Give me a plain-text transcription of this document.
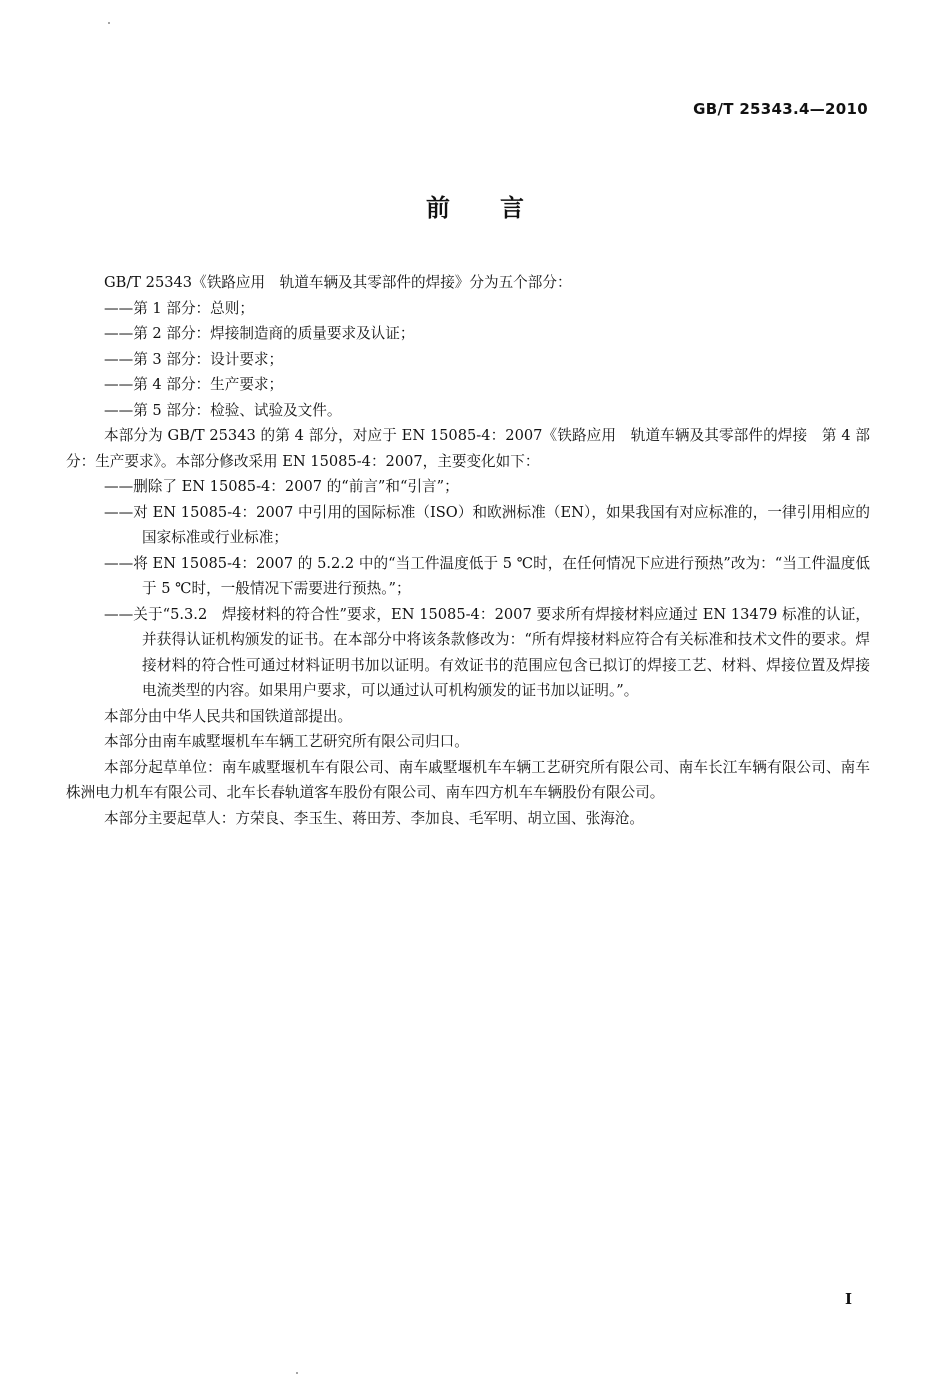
GB/T 25343.4—2010
前言

GB/T 25343《铁路应用　轨道车辆及其零部件的焊接》分为五个部分：

——第 1 部分：总则；

——第 2 部分：焊接制造商的质量要求及认证；

——第 3 部分：设计要求；

——第 4 部分：生产要求；

——第 5 部分：检验、试验及文件。

本部分为 GB/T 25343 的第 4 部分，对应于 EN 15085-4：2007《铁路应用　轨道车辆及其零部件的焊接　第 4 部分：生产要求》。本部分修改采用 EN 15085-4：2007，主要变化如下：

——删除了 EN 15085-4：2007 的“前言”和“引言”；

——对 EN 15085-4：2007 中引用的国际标准（ISO）和欧洲标准（EN），如果我国有对应标准的，一律引用相应的国家标准或行业标准；

——将 EN 15085-4：2007 的 5.2.2 中的“当工件温度低于 5 ℃时，在任何情况下应进行预热”改为：“当工件温度低于 5 ℃时，一般情况下需要进行预热。”；

——关于“5.3.2　焊接材料的符合性”要求，EN 15085-4：2007 要求所有焊接材料应通过 EN 13479 标准的认证，并获得认证机构颁发的证书。在本部分中将该条款修改为：“所有焊接材料应符合有关标准和技术文件的要求。焊接材料的符合性可通过材料证明书加以证明。有效证书的范围应包含已拟订的焊接工艺、材料、焊接位置及焊接电流类型的内容。如果用户要求，可以通过认可机构颁发的证书加以证明。”。

本部分由中华人民共和国铁道部提出。

本部分由南车戚墅堰机车车辆工艺研究所有限公司归口。

本部分起草单位：南车戚墅堰机车有限公司、南车戚墅堰机车车辆工艺研究所有限公司、南车长江车辆有限公司、南车株洲电力机车有限公司、北车长春轨道客车股份有限公司、南车四方机车车辆股份有限公司。

本部分主要起草人：方荣良、李玉生、蒋田芳、李加良、毛军明、胡立国、张海沧。

I
